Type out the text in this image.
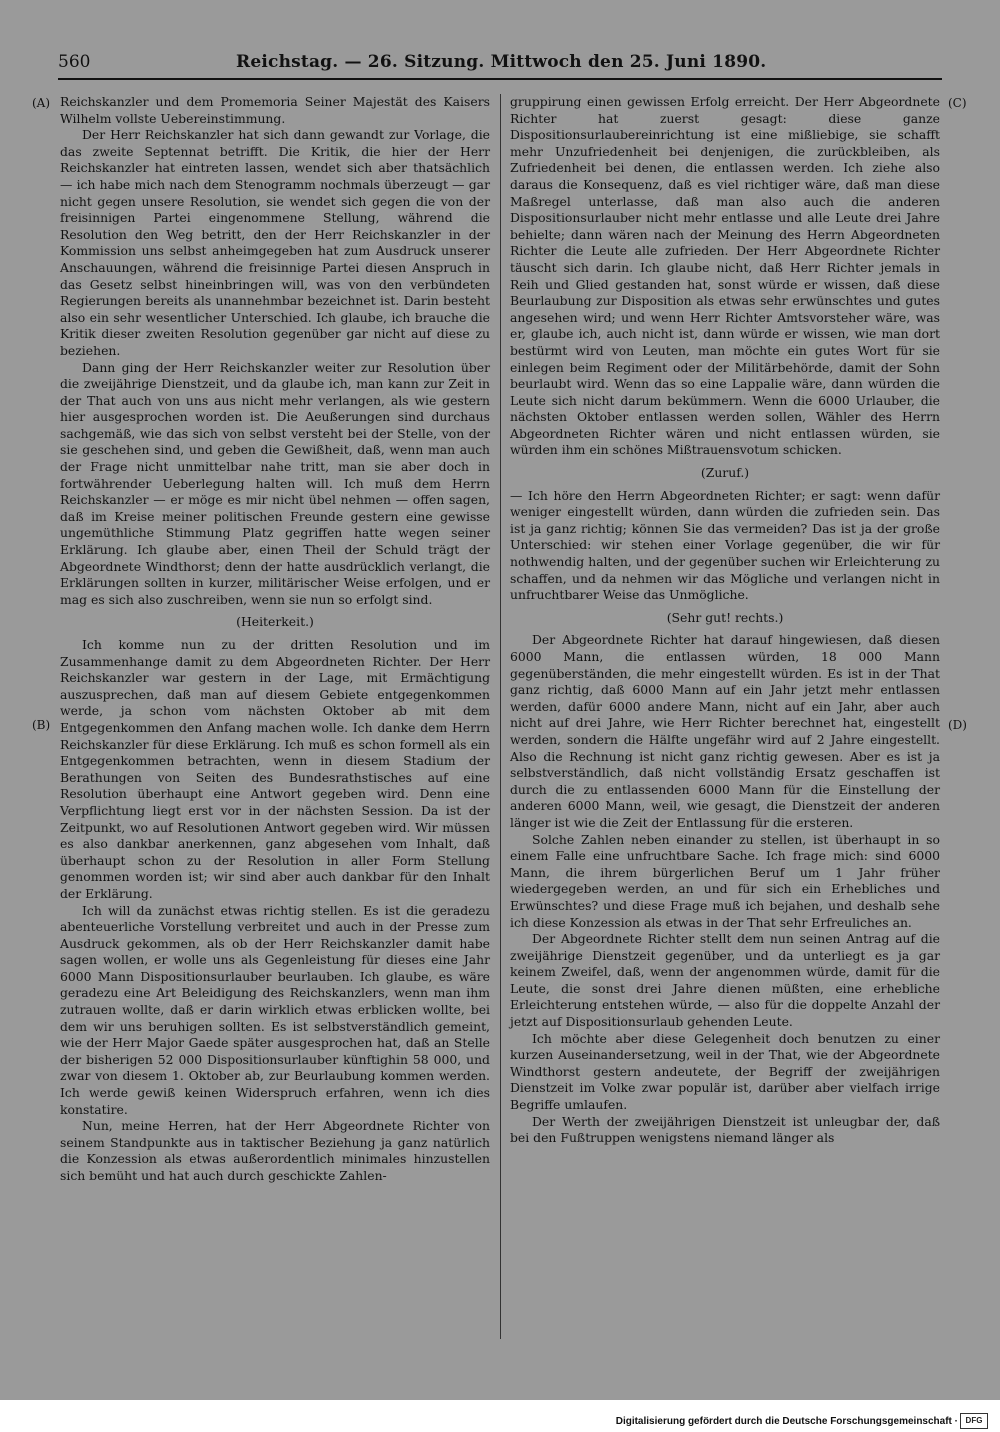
560	Reichstag. — 26. Sitzung. Mittwoch den 25. Juni 1890.
(A)
(B)
(C)
(D)

Reichskanzler und dem Promemoria Seiner Majestät des Kaisers Wilhelm vollste Uebereinstimmung.

Der Herr Reichskanzler hat sich dann gewandt zur Vorlage, die das zweite Septennat betrifft. Die Kritik, die hier der Herr Reichskanzler hat eintreten lassen, wendet sich aber thatsächlich — ich habe mich nach dem Stenogramm nochmals überzeugt — gar nicht gegen unsere Resolution, sie wendet sich gegen die von der freisinnigen Partei eingenommene Stellung, während die Resolution den Weg betritt, den der Herr Reichskanzler in der Kommission uns selbst anheimgegeben hat zum Ausdruck unserer Anschauungen, während die freisinnige Partei diesen Anspruch in das Gesetz selbst hineinbringen will, was von den verbündeten Regierungen bereits als unannehmbar bezeichnet ist. Darin besteht also ein sehr wesentlicher Unterschied. Ich glaube, ich brauche die Kritik dieser zweiten Resolution gegenüber gar nicht auf diese zu beziehen.

Dann ging der Herr Reichskanzler weiter zur Resolution über die zweijährige Dienstzeit, und da glaube ich, man kann zur Zeit in der That auch von uns aus nicht mehr verlangen, als wie gestern hier ausgesprochen worden ist. Die Aeußerungen sind durchaus sachgemäß, wie das sich von selbst versteht bei der Stelle, von der sie geschehen sind, und geben die Gewißheit, daß, wenn man auch der Frage nicht unmittelbar nahe tritt, man sie aber doch in fortwährender Ueberlegung halten will. Ich muß dem Herrn Reichskanzler — er möge es mir nicht übel nehmen — offen sagen, daß im Kreise meiner politischen Freunde gestern eine gewisse ungemüthliche Stimmung Platz gegriffen hatte wegen seiner Erklärung. Ich glaube aber, einen Theil der Schuld trägt der Abgeordnete Windthorst; denn der hatte ausdrücklich verlangt, die Erklärungen sollten in kurzer, militärischer Weise erfolgen, und er mag es sich also zuschreiben, wenn sie nun so erfolgt sind.

(Heiterkeit.)

Ich komme nun zu der dritten Resolution und im Zusammenhange damit zu dem Abgeordneten Richter. Der Herr Reichskanzler war gestern in der Lage, mit Ermächtigung auszusprechen, daß man auf diesem Gebiete entgegenkommen werde, ja schon vom nächsten Oktober ab mit dem Entgegenkommen den Anfang machen wolle. Ich danke dem Herrn Reichskanzler für diese Erklärung. Ich muß es schon formell als ein Entgegenkommen betrachten, wenn in diesem Stadium der Berathungen von Seiten des Bundesrathstisches auf eine Resolution überhaupt eine Antwort gegeben wird. Denn eine Verpflichtung liegt erst vor in der nächsten Session. Da ist der Zeitpunkt, wo auf Resolutionen Antwort gegeben wird. Wir müssen es also dankbar anerkennen, ganz abgesehen vom Inhalt, daß überhaupt schon zu der Resolution in aller Form Stellung genommen worden ist; wir sind aber auch dankbar für den Inhalt der Erklärung.

Ich will da zunächst etwas richtig stellen. Es ist die geradezu abenteuerliche Vorstellung verbreitet und auch in der Presse zum Ausdruck gekommen, als ob der Herr Reichskanzler damit habe sagen wollen, er wolle uns als Gegenleistung für dieses eine Jahr 6000 Mann Dispositionsurlauber beurlauben. Ich glaube, es wäre geradezu eine Art Beleidigung des Reichskanzlers, wenn man ihm zutrauen wollte, daß er darin wirklich etwas erblicken wollte, bei dem wir uns beruhigen sollten. Es ist selbstverständlich gemeint, wie der Herr Major Gaede später ausgesprochen hat, daß an Stelle der bisherigen 52 000 Dispositionsurlauber künftighin 58 000, und zwar von diesem 1. Oktober ab, zur Beurlaubung kommen werden. Ich werde gewiß keinen Widerspruch erfahren, wenn ich dies konstatire.

Nun, meine Herren, hat der Herr Abgeordnete Richter von seinem Standpunkte aus in taktischer Beziehung ja ganz natürlich die Konzession als etwas außerordentlich minimales hinzustellen sich bemüht und hat auch durch geschickte Zahlen-

gruppirung einen gewissen Erfolg erreicht. Der Herr Abgeordnete Richter hat zuerst gesagt: diese ganze Dispositionsurlaubereinrichtung ist eine mißliebige, sie schafft mehr Unzufriedenheit bei denjenigen, die zurückbleiben, als Zufriedenheit bei denen, die entlassen werden. Ich ziehe also daraus die Konsequenz, daß es viel richtiger wäre, daß man diese Maßregel unterlasse, daß man also auch die anderen Dispositionsurlauber nicht mehr entlasse und alle Leute drei Jahre behielte; dann wären nach der Meinung des Herrn Abgeordneten Richter die Leute alle zufrieden. Der Herr Abgeordnete Richter täuscht sich darin. Ich glaube nicht, daß Herr Richter jemals in Reih und Glied gestanden hat, sonst würde er wissen, daß diese Beurlaubung zur Disposition als etwas sehr erwünschtes und gutes angesehen wird; und wenn Herr Richter Amtsvorsteher wäre, was er, glaube ich, auch nicht ist, dann würde er wissen, wie man dort bestürmt wird von Leuten, man möchte ein gutes Wort für sie einlegen beim Regiment oder der Militärbehörde, damit der Sohn beurlaubt wird. Wenn das so eine Lappalie wäre, dann würden die Leute sich nicht darum bekümmern. Wenn die 6000 Urlauber, die nächsten Oktober entlassen werden sollen, Wähler des Herrn Abgeordneten Richter wären und nicht entlassen würden, sie würden ihm ein schönes Mißtrauensvotum schicken.

(Zuruf.)

— Ich höre den Herrn Abgeordneten Richter; er sagt: wenn dafür weniger eingestellt würden, dann würden die zufrieden sein. Das ist ja ganz richtig; können Sie das vermeiden? Das ist ja der große Unterschied: wir stehen einer Vorlage gegenüber, die wir für nothwendig halten, und der gegenüber suchen wir Erleichterung zu schaffen, und da nehmen wir das Mögliche und verlangen nicht in unfruchtbarer Weise das Unmögliche.

(Sehr gut! rechts.)

Der Abgeordnete Richter hat darauf hingewiesen, daß diesen 6000 Mann, die entlassen würden, 18 000 Mann gegenüberständen, die mehr eingestellt würden. Es ist in der That ganz richtig, daß 6000 Mann auf ein Jahr jetzt mehr entlassen werden, dafür 6000 andere Mann, nicht auf ein Jahr, aber auch nicht auf drei Jahre, wie Herr Richter berechnet hat, eingestellt werden, sondern die Hälfte ungefähr wird auf 2 Jahre eingestellt. Also die Rechnung ist nicht ganz richtig gewesen. Aber es ist ja selbstverständlich, daß nicht vollständig Ersatz geschaffen ist durch die zu entlassenden 6000 Mann für die Einstellung der anderen 6000 Mann, weil, wie gesagt, die Dienstzeit der anderen länger ist wie die Zeit der Entlassung für die ersteren.

Solche Zahlen neben einander zu stellen, ist überhaupt in so einem Falle eine unfruchtbare Sache. Ich frage mich: sind 6000 Mann, die ihrem bürgerlichen Beruf um 1 Jahr früher wiedergegeben werden, an und für sich ein Erhebliches und Erwünschtes? und diese Frage muß ich bejahen, und deshalb sehe ich diese Konzession als etwas in der That sehr Erfreuliches an.

Der Abgeordnete Richter stellt dem nun seinen Antrag auf die zweijährige Dienstzeit gegenüber, und da unterliegt es ja gar keinem Zweifel, daß, wenn der angenommen würde, damit für die Leute, die sonst drei Jahre dienen müßten, eine erhebliche Erleichterung entstehen würde, — also für die doppelte Anzahl der jetzt auf Dispositionsurlaub gehenden Leute.

Ich möchte aber diese Gelegenheit doch benutzen zu einer kurzen Auseinandersetzung, weil in der That, wie der Abgeordnete Windthorst gestern andeutete, der Begriff der zweijährigen Dienstzeit im Volke zwar populär ist, darüber aber vielfach irrige Begriffe umlaufen.

Der Werth der zweijährigen Dienstzeit ist unleugbar der, daß bei den Fußtruppen wenigstens niemand länger als

Digitalisierung gefördert durch die Deutsche Forschungsgemeinschaft · DFG
